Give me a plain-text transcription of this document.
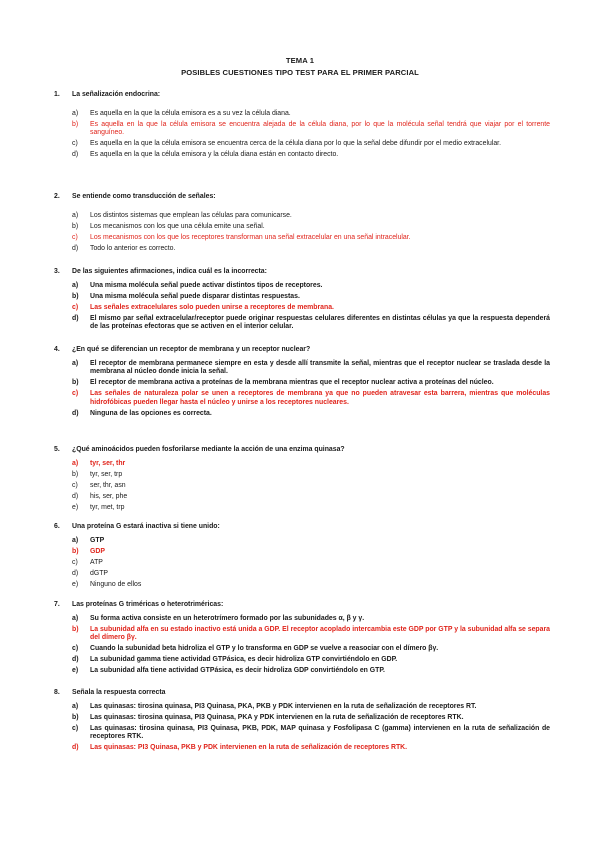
TEMA 1
POSIBLES CUESTIONES TIPO TEST PARA EL PRIMER PARCIAL
1. La señalización endocrina:
a) Es aquella en la que la célula emisora es a su vez la célula diana.
b) Es aquella en la que la célula emisora se encuentra alejada de la célula diana, por lo que la molécula señal tendrá que viajar por el torrente sanguíneo.
c) Es aquella en la que la célula emisora se encuentra cerca de la célula diana por lo que la señal debe difundir por el medio extracelular.
d) Es aquella en la que la célula emisora y la célula diana están en contacto directo.
2. Se entiende como transducción de señales:
a) Los distintos sistemas que emplean las células para comunicarse.
b) Los mecanismos con los que una célula emite una señal.
c) Los mecanismos con los que los receptores transforman una señal extracelular en una señal intracelular.
d) Todo lo anterior es correcto.
3. De las siguientes afirmaciones, indica cuál es la incorrecta:
a) Una misma molécula señal puede activar distintos tipos de receptores.
b) Una misma molécula señal puede disparar distintas respuestas.
c) Las señales extracelulares solo pueden unirse a receptores de membrana.
d) El mismo par señal extracelular/receptor puede originar respuestas celulares diferentes en distintas células ya que la respuesta dependerá de las proteínas efectoras que se activen en el interior celular.
4. ¿En qué se diferencian un receptor de membrana y un receptor nuclear?
a) El receptor de membrana permanece siempre en esta y desde allí transmite la señal, mientras que el receptor nuclear se traslada desde la membrana al núcleo donde inicia la señal.
b) El receptor de membrana activa a proteínas de la membrana mientras que el receptor nuclear activa a proteínas del núcleo.
c) Las señales de naturaleza polar se unen a receptores de membrana ya que no pueden atravesar esta barrera, mientras que moléculas hidrofóbicas pueden llegar hasta el núcleo y unirse a los receptores nucleares.
d) Ninguna de las opciones es correcta.
5. ¿Qué aminoácidos pueden fosforilarse mediante la acción de una enzima quinasa?
a) tyr, ser, thr
b) tyr, ser, trp
c) ser, thr, asn
d) his, ser, phe
e) tyr, met, trp
6. Una proteína G estará inactiva si tiene unido:
a) GTP
b) GDP
c) ATP
d) dGTP
e) Ninguno de ellos
7. Las proteínas G triméricas o heterotriméricas:
a) Su forma activa consiste en un heterotrímero formado por las subunidades α, β y γ.
b) La subunidad alfa en su estado inactivo está unida a GDP. El receptor acoplado intercambia este GDP por GTP y la subunidad alfa se separa del dímero βγ.
c) Cuando la subunidad beta hidroliza el GTP y lo transforma en GDP se vuelve a reasociar con el dímero βγ.
d) La subunidad gamma tiene actividad GTPásica, es decir hidroliza GTP convirtiéndolo en GDP.
e) La subunidad alfa tiene actividad GTPásica, es decir hidroliza GDP convirtiéndolo en GTP.
8. Señala la respuesta correcta
a) Las quinasas: tirosina quinasa, PI3 Quinasa, PKA, PKB y PDK intervienen en la ruta de señalización de receptores RT.
b) Las quinasas: tirosina quinasa, PI3 Quinasa, PKA y PDK intervienen en la ruta de señalización de receptores RTK.
c) Las quinasas: tirosina quinasa, PI3 Quinasa, PKB, PDK, MAP quinasa y Fosfolipasa C (gamma) intervienen en la ruta de señalización de receptores RTK.
d) Las quinasas: PI3 Quinasa, PKB y PDK intervienen en la ruta de señalización de receptores RTK.
